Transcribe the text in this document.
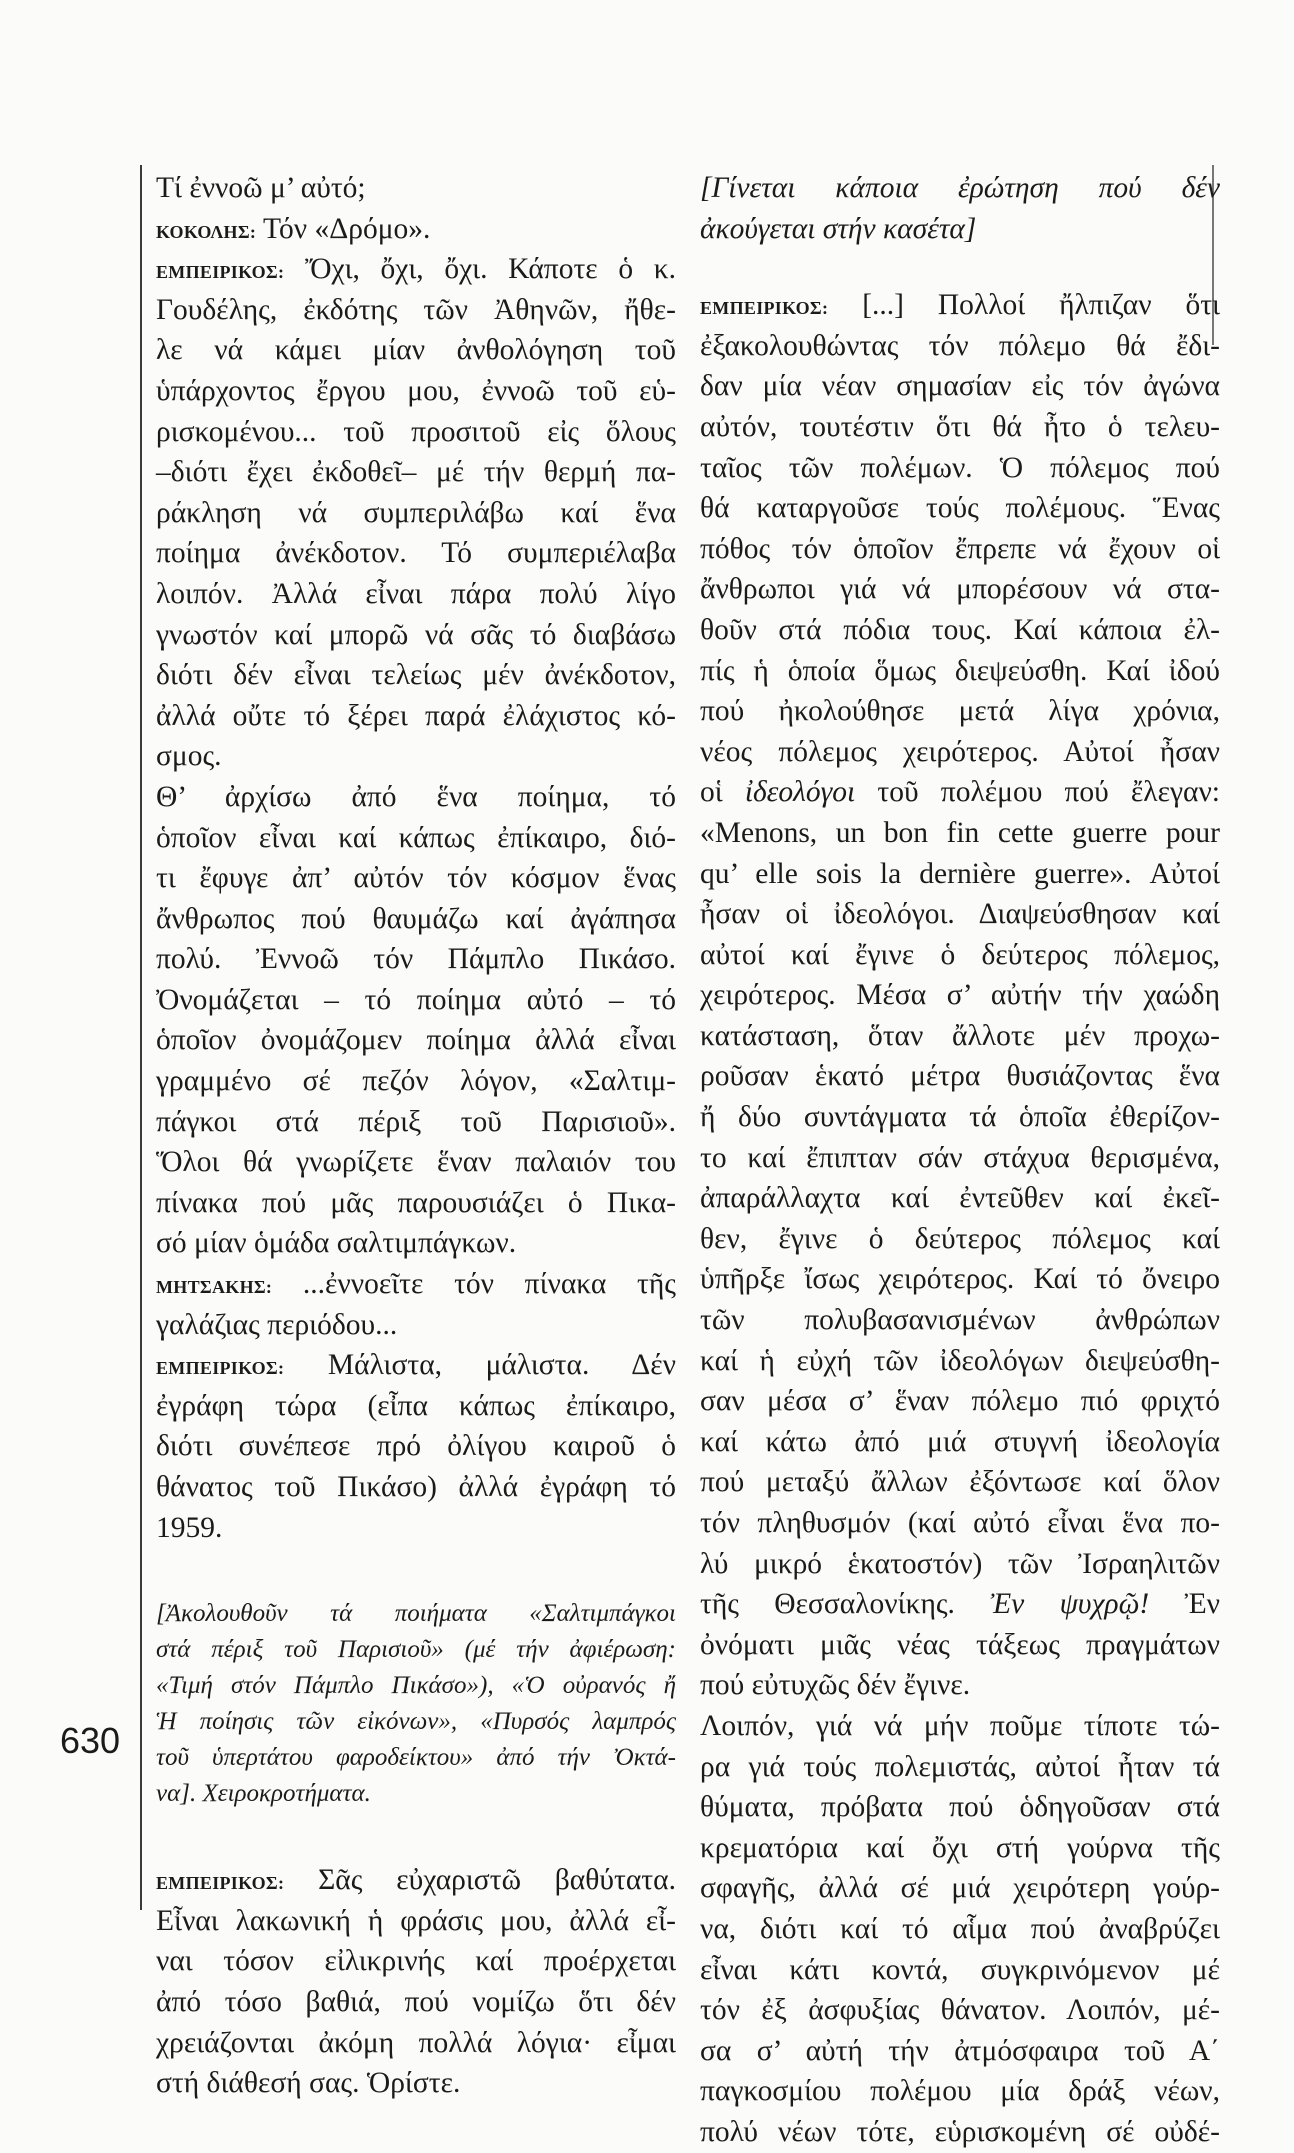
630
Τί ἐννοῶ μ’ αὐτό;
ΚΟΚΟΛΗΣ: Τόν «Δρόμο».
ΕΜΠΕΙΡΙΚΟΣ: Ὄχι, ὄχι, ὄχι. Κάποτε ὁ κ.
Γουδέλης, ἐκδότης τῶν Ἀθηνῶν, ἤθε-
λε νά κάμει μίαν ἀνθολόγηση τοῦ
ὑπάρχοντος ἔργου μου, ἐννοῶ τοῦ εὑ-
ρισκομένου... τοῦ προσιτοῦ εἰς ὅλους
–διότι ἔχει ἐκδοθεῖ– μέ τήν θερμή πα-
ράκληση νά συμπεριλάβω καί ἕνα
ποίημα ἀνέκδοτον. Τό συμπεριέλαβα
λοιπόν. Ἀλλά εἶναι πάρα πολύ λίγο
γνωστόν καί μπορῶ νά σᾶς τό διαβάσω
διότι δέν εἶναι τελείως μέν ἀνέκδοτον,
ἀλλά οὔτε τό ξέρει παρά ἐλάχιστος κό-
σμος.
Θ’ ἀρχίσω ἀπό ἕνα ποίημα, τό
ὁποῖον εἶναι καί κάπως ἐπίκαιρο, διό-
τι ἔφυγε ἀπ’ αὐτόν τόν κόσμον ἕνας
ἄνθρωπος πού θαυμάζω καί ἀγάπησα
πολύ. Ἐννοῶ τόν Πάμπλο Πικάσο.
Ὀνομάζεται – τό ποίημα αὐτό – τό
ὁποῖον ὀνομάζομεν ποίημα ἀλλά εἶναι
γραμμένο σέ πεζόν λόγον, «Σαλτιμ-
πάγκοι στά πέριξ τοῦ Παρισιοῦ».
Ὅλοι θά γνωρίζετε ἕναν παλαιόν του
πίνακα πού μᾶς παρουσιάζει ὁ Πικα-
σό μίαν ὁμάδα σαλτιμπάγκων.
ΜΗΤΣΑΚΗΣ: ...ἐννοεῖτε τόν πίνακα τῆς
γαλάζιας περιόδου...
ΕΜΠΕΙΡΙΚΟΣ: Μάλιστα, μάλιστα. Δέν
ἐγράφη τώρα (εἶπα κάπως ἐπίκαιρο,
διότι συνέπεσε πρό ὀλίγου καιροῦ ὁ
θάνατος τοῦ Πικάσο) ἀλλά ἐγράφη τό
1959.
[Ἀκολουθοῦν τά ποιήματα «Σαλτιμπάγκοι
στά πέριξ τοῦ Παρισιοῦ» (μέ τήν ἀφιέρωση:
«Τιμή στόν Πάμπλο Πικάσο»), «Ὁ οὐρανός ἤ
Ἡ ποίησις τῶν εἰκόνων», «Πυρσός λαμπρός
τοῦ ὑπερτάτου φαροδείκτου» ἀπό τήν Ὀκτά-
να]. Χειροκροτήματα.
ΕΜΠΕΙΡΙΚΟΣ: Σᾶς εὐχαριστῶ βαθύτατα.
Εἶναι λακωνική ἡ φράσις μου, ἀλλά εἶ-
ναι τόσον εἰλικρινής καί προέρχεται
ἀπό τόσο βαθιά, πού νομίζω ὅτι δέν
χρειάζονται ἀκόμη πολλά λόγια· εἶμαι
στή διάθεσή σας. Ὁρίστε.
[Γίνεται κάποια ἐρώτηση πού δέν
ἀκούγεται στήν κασέτα]
ΕΜΠΕΙΡΙΚΟΣ: [...] Πολλοί ἤλπιζαν ὅτι
ἐξακολουθώντας τόν πόλεμο θά ἔδι-
δαν μία νέαν σημασίαν εἰς τόν ἀγώνα
αὐτόν, τουτέστιν ὅτι θά ἦτο ὁ τελευ-
ταῖος τῶν πολέμων. Ὁ πόλεμος πού
θά καταργοῦσε τούς πολέμους. Ἕνας
πόθος τόν ὁποῖον ἔπρεπε νά ἔχουν οἱ
ἄνθρωποι γιά νά μπορέσουν νά στα-
θοῦν στά πόδια τους. Καί κάποια ἐλ-
πίς ἡ ὁποία ὅμως διεψεύσθη. Καί ἰδού
πού ἠκολούθησε μετά λίγα χρόνια,
νέος πόλεμος χειρότερος. Αὐτοί ἦσαν
οἱ ἰδεολόγοι τοῦ πολέμου πού ἔλεγαν:
«Menons, un bon fin cette guerre pour
qu’ elle sois la dernière guerre». Αὐτοί
ἦσαν οἱ ἰδεολόγοι. Διαψεύσθησαν καί
αὐτοί καί ἔγινε ὁ δεύτερος πόλεμος,
χειρότερος. Μέσα σ’ αὐτήν τήν χαώδη
κατάσταση, ὅταν ἄλλοτε μέν προχω-
ροῦσαν ἑκατό μέτρα θυσιάζοντας ἕνα
ἤ δύο συντάγματα τά ὁποῖα ἐθερίζον-
το καί ἔπιπταν σάν στάχυα θερισμένα,
ἀπαράλλαχτα καί ἐντεῦθεν καί ἐκεῖ-
θεν, ἔγινε ὁ δεύτερος πόλεμος καί
ὑπῆρξε ἴσως χειρότερος. Καί τό ὄνειρο
τῶν πολυβασανισμένων ἀνθρώπων
καί ἡ εὐχή τῶν ἰδεολόγων διεψεύσθη-
σαν μέσα σ’ ἕναν πόλεμο πιό φριχτό
καί κάτω ἀπό μιά στυγνή ἰδεολογία
πού μεταξύ ἄλλων ἐξόντωσε καί ὅλον
τόν πληθυσμόν (καί αὐτό εἶναι ἕνα πο-
λύ μικρό ἑκατοστόν) τῶν Ἰσραηλιτῶν
τῆς Θεσσαλονίκης. Ἐν ψυχρῷ! Ἐν
ὀνόματι μιᾶς νέας τάξεως πραγμάτων
πού εὐτυχῶς δέν ἔγινε.
Λοιπόν, γιά νά μήν ποῦμε τίποτε τώ-
ρα γιά τούς πολεμιστάς, αὐτοί ἦταν τά
θύματα, πρόβατα πού ὁδηγοῦσαν στά
κρεματόρια καί ὄχι στή γούρνα τῆς
σφαγῆς, ἀλλά σέ μιά χειρότερη γούρ-
να, διότι καί τό αἷμα πού ἀναβρύζει
εἶναι κάτι κοντά, συγκρινόμενον μέ
τόν ἐξ ἀσφυξίας θάνατον. Λοιπόν, μέ-
σα σ’ αὐτή τήν ἀτμόσφαιρα τοῦ Α΄
παγκοσμίου πολέμου μία δράξ νέων,
πολύ νέων τότε, εὑρισκομένη σέ οὐδέ-
